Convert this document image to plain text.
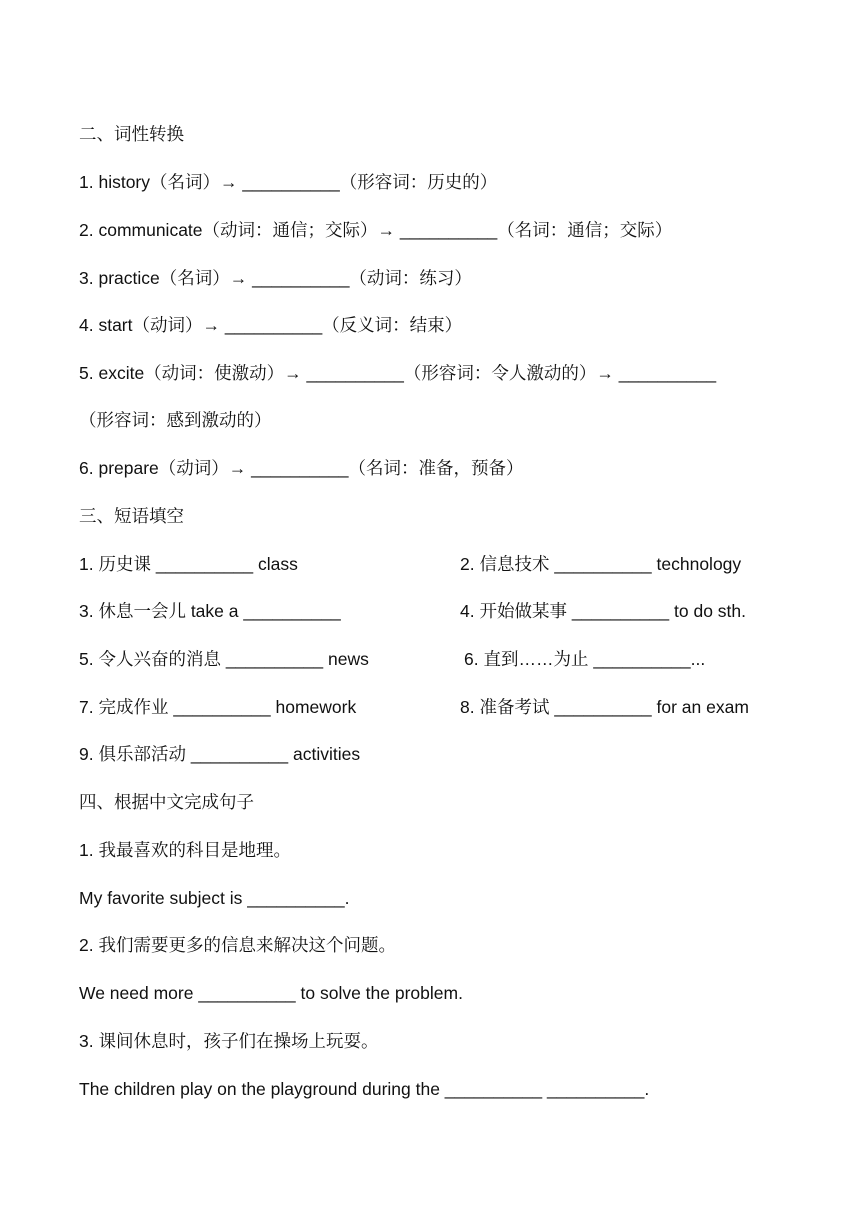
二、词性转换
1. history（名词）→ __________（形容词：历史的）
2. communicate（动词：通信；交际）→ __________（名词：通信；交际）
3. practice（名词）→ __________（动词：练习）
4. start（动词）→ __________（反义词：结束）
5. excite（动词：使激动）→ __________（形容词：令人激动的）→ __________
（形容词：感到激动的）
6. prepare（动词）→ __________（名词：准备，预备）
三、短语填空
1. 历史课 __________ class	2. 信息技术 __________ technology
3. 休息一会儿 take a __________	4. 开始做某事 __________ to do sth.
5. 令人兴奋的消息 __________ news	6. 直到……为止 __________...
7. 完成作业 __________ homework	8. 准备考试 __________ for an exam
9. 俱乐部活动 __________ activities
四、根据中文完成句子
1. 我最喜欢的科目是地理。
My favorite subject is __________.
2. 我们需要更多的信息来解决这个问题。
We need more __________ to solve the problem.
3. 课间休息时，孩子们在操场上玩耍。
The children play on the playground during the __________ __________.
